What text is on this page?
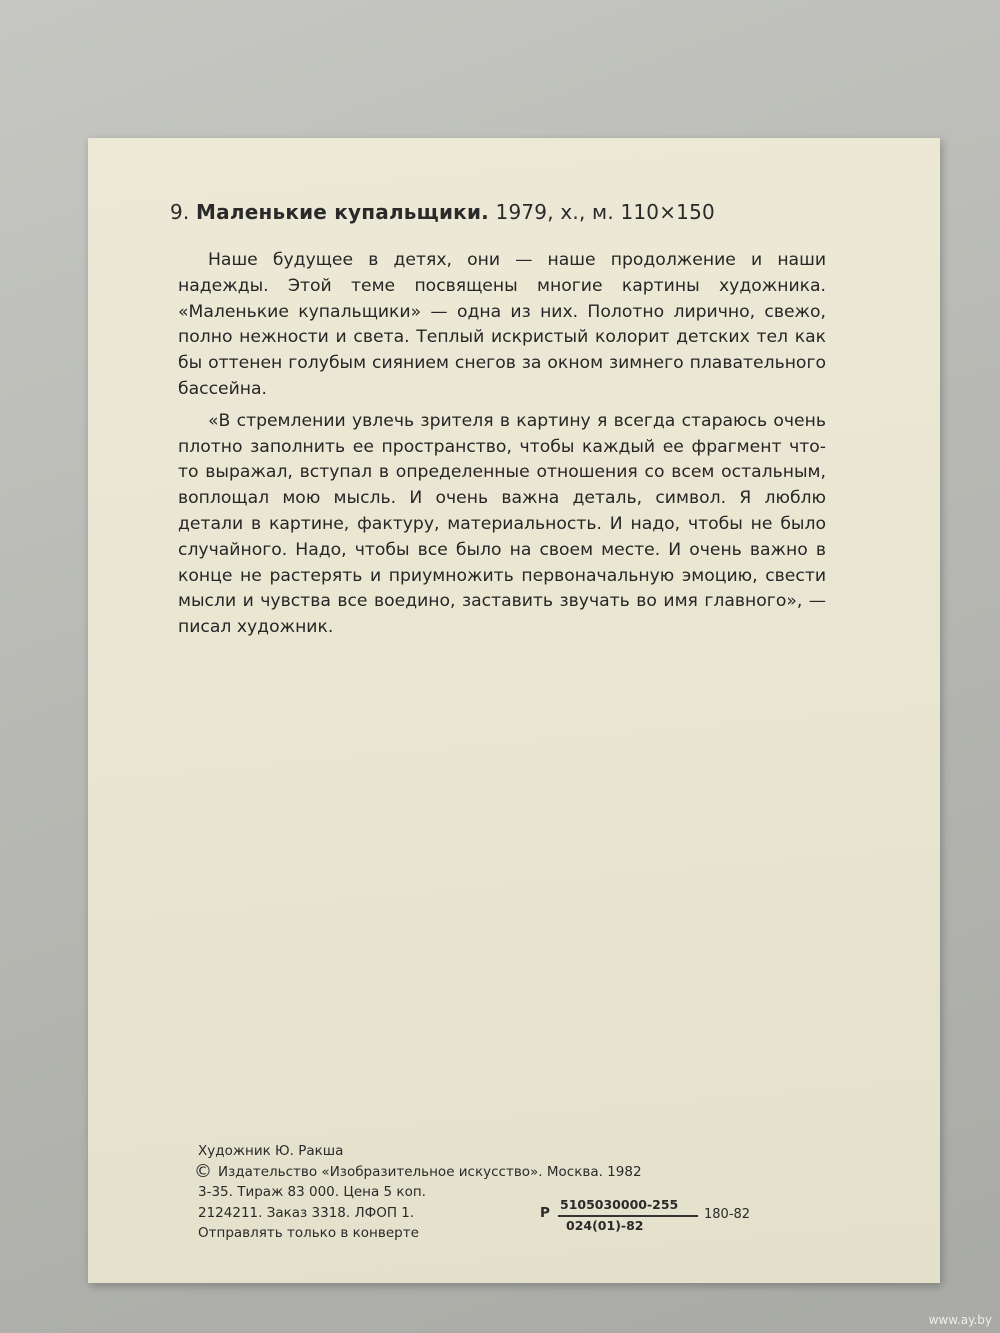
9. Маленькие купальщики. 1979, х., м. 110×150

Наше будущее в детях, они — наше продолжение и наши надежды. Этой теме посвящены многие картины художника. «Маленькие купальщики» — одна из них. Полотно лирично, свежо, полно нежности и света. Теплый искристый колорит детских тел как бы оттенен голубым сиянием снегов за окном зимнего плавательного бассейна.

«В стремлении увлечь зрителя в картину я всегда стараюсь очень плотно заполнить ее пространство, чтобы каждый ее фрагмент что-то выражал, вступал в определенные отношения со всем остальным, воплощал мою мысль. И очень важна деталь, символ. Я люблю детали в картине, фактуру, материальность. И надо, чтобы не было случайного. Надо, чтобы все было на своем месте. И очень важно в конце не растерять и приумножить первоначальную эмоцию, свести мысли и чувства все воедино, заставить звучать во имя главного», — писал художник.

Художник Ю. Ракша
© Издательство «Изобразительное искусство». Москва. 1982
3-35. Тираж 83 000. Цена 5 коп.
2124211. Заказ 3318. ЛФОП 1.
Отправлять только в конверте
Р
5105030000-255
024(01)-82
180-82
www.ay.by
